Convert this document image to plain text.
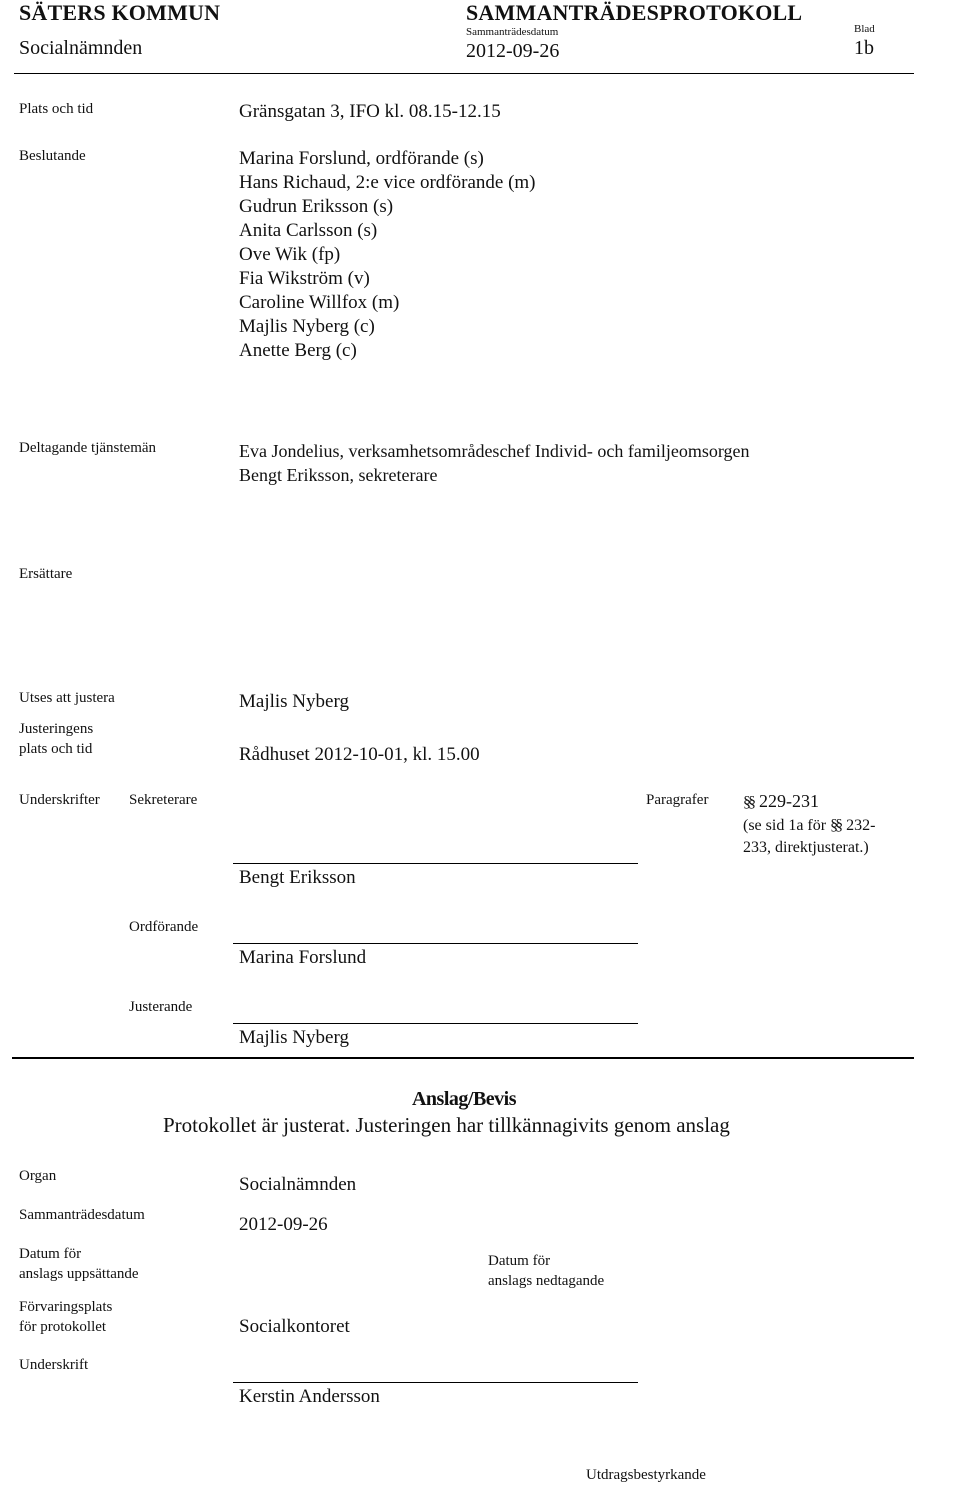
SÄTERS KOMMUN
Socialnämnden
SAMMANTRÄDESPROTOKOLL
Sammanträdesdatum
2012-09-26
Blad
1b
Plats och tid	Gränsgatan 3, IFO kl. 08.15-12.15
Beslutande	Marina Forslund, ordförande (s)
Hans Richaud, 2:e vice ordförande (m)
Gudrun Eriksson (s)
Anita Carlsson (s)
Ove Wik (fp)
Fia Wikström (v)
Caroline Willfox (m)
Majlis Nyberg (c)
Anette Berg (c)
Deltagande tjänstemän	Eva Jondelius, verksamhetsområdeschef Individ- och familjeomsorgen
Bengt Eriksson, sekreterare
Ersättare
Utses att justera	Majlis Nyberg
Justeringens
plats och tid	Rådhuset 2012-10-01, kl. 15.00
Underskrifter Sekreterare
Bengt Eriksson
Paragrafer §§ 229-231
(se sid 1a för §§ 232-
233, direktjusterat.)
Ordförande
Marina Forslund
Justerande
Majlis Nyberg
Anslag/Bevis
Protokollet är justerat. Justeringen har tillkännagivits genom anslag
Organ	Socialnämnden
Sammanträdesdatum	2012-09-26
Datum för
anslags uppsättande
Datum för
anslags nedtagande
Förvaringsplats
för protokollet	Socialkontoret
Underskrift
Kerstin Andersson
Utdragsbestyrkande
